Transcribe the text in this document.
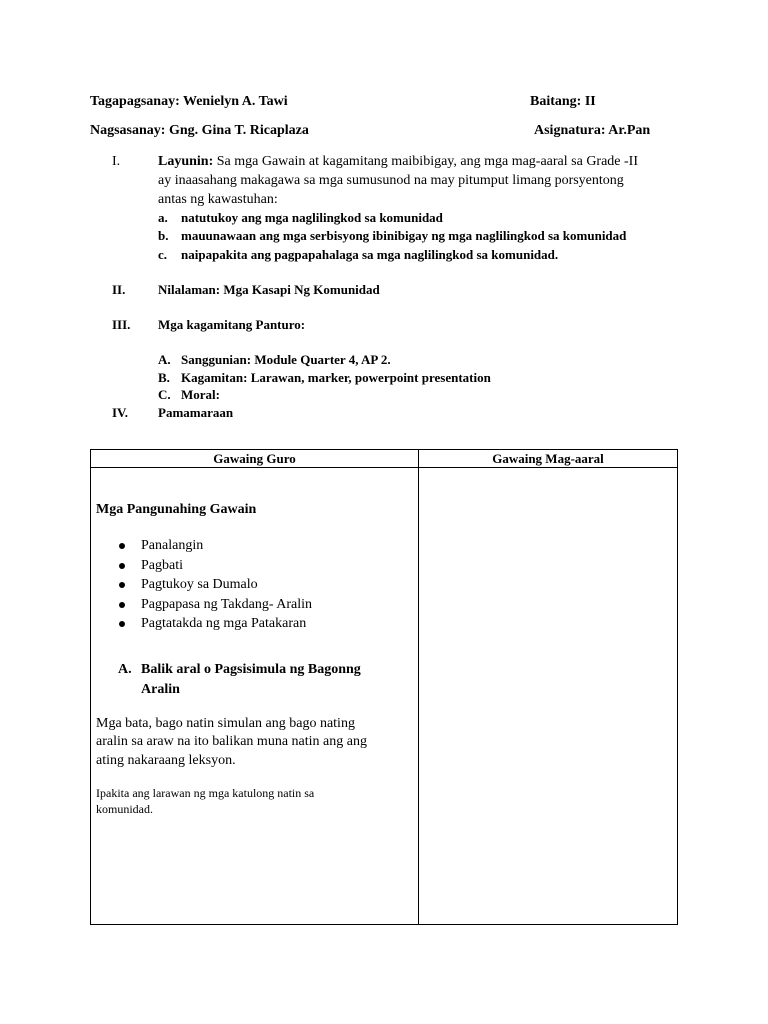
Tagapagsanay: Wenielyn A. Tawi	Baitang: II
Nagsasanay: Gng. Gina T. Ricaplaza	Asignatura: Ar.Pan
I.	Layunin: Sa mga Gawain at kagamitang maibibigay, ang mga mag-aaral sa Grade -II
ay inaasahang makagawa sa mga sumusunod na may pitumput limang porsyentong
antas ng kawastuhan:
a. natutukoy ang mga naglilingkod sa komunidad
b. mauunawaan ang mga serbisyong ibinibigay ng mga naglilingkod sa komunidad
c. naipapakita ang pagpapahalaga sa mga naglilingkod sa komunidad.
II.	Nilalaman: Mga Kasapi Ng Komunidad
III. Mga kagamitang Panturo:
A. Sanggunian: Module Quarter 4, AP 2.
B. Kagamitan: Larawan, marker, powerpoint presentation
C. Moral:
IV. Pamamaraan
Gawaing Guro	Gawaing Mag-aaral
Mga Pangunahing Gawain
Panalangin
Pagbati
Pagtukoy sa Dumalo
Pagpapasa ng Takdang- Aralin
Pagtatakda ng mga Patakaran
A. Balik aral o Pagsisimula ng Bagonng
Aralin
Mga bata, bago natin simulan ang bago nating
aralin sa araw na ito balikan muna natin ang ang
ating nakaraang leksyon.
Ipakita ang larawan ng mga katulong natin sa
komunidad.
